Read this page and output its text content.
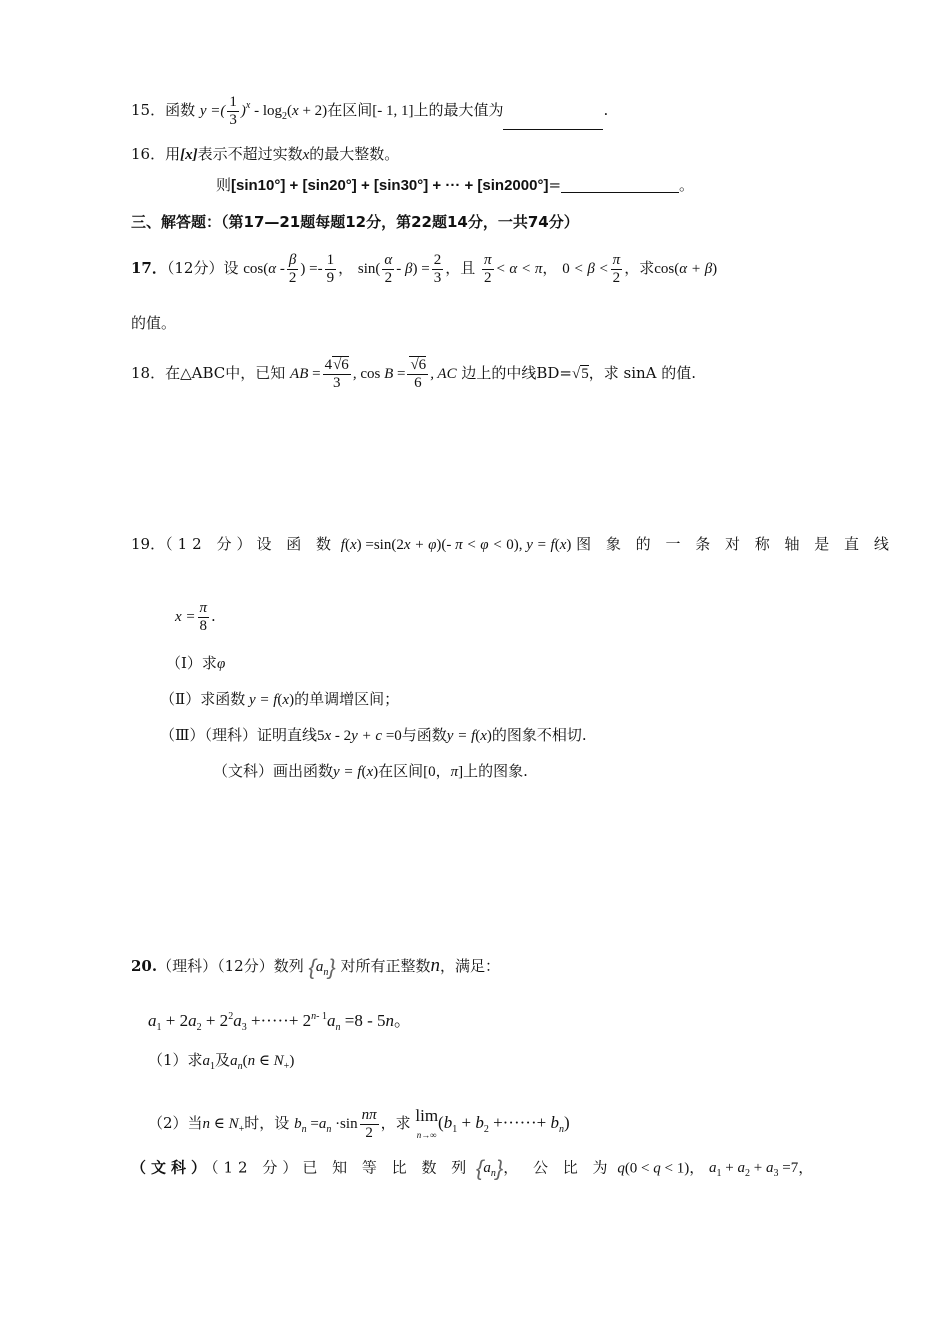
15．函数 y =( $\frac{1}{3} )^x - \log_2(x + 2)$在区间[- 1, 1]上的最大值为	.
16．用[x]表示不超过实数x的最大整数。
则[sin10°] + [sin20°] + [sin30°] + ··· + [sin2000°]=	。
三、解答题：（第17—21题每题12分，第22题14分，一共74分）
17．（12分）设 $\cos(\alpha - \frac{\beta}{2}$ ) =- $\frac{1}{9}$ ， $\sin( \frac{\alpha}{2} - \beta) = \frac{2}{3}$ ，且 $\frac{\pi}{2} < \alpha < \pi$， $0 < \beta < \frac{\pi}{2}$ ，求cos(α + β)
的值。
18．在△ABC中，已知 AB = $\frac{4√6}{3}$ , $\cos B = \frac{√6}{6}$ , AC 边上的中线BD=√5，求 sinA 的值.
19．（12 分）设 函 数 f(x) =sin(2x + φ)(- π < φ < 0), y = f(x) 图 象 的 一 条 对 称 轴 是 直 线
$x = \frac{\pi}{8}$ .
（Ⅰ）求φ
（Ⅱ）求函数 y = f(x)的单调增区间；
（Ⅲ）（理科）证明直线5x - 2y + c =0与函数y = f(x)的图象不相切.
（文科）画出函数y = f(x)在区间[0，π]上的图象.
20.（理科）（12分）数列 $\{a_n\}$ 对所有正整数n，满足：
$a_1 + 2a_2 + 2^2a_3$ +·····+ $2^{n- 1}a_n =8 - 5n$。
（1）求$a_1$及$a_n(n$ ∈ $N_+$)
（2）当n ∈ $N_+$时，设 $b_n =a_n \cdot\sin \frac{n\pi}{2}$ ，求 lim
$n\to\infty(b_1 + b_2$ +······+ $b_n$)
（文科）（12 分）已 知 等 比 数 列 $\{a_n\}$， 公 比 为 q(0 < q < 1)， $a_1 + a_2 + a_3 =7$，
